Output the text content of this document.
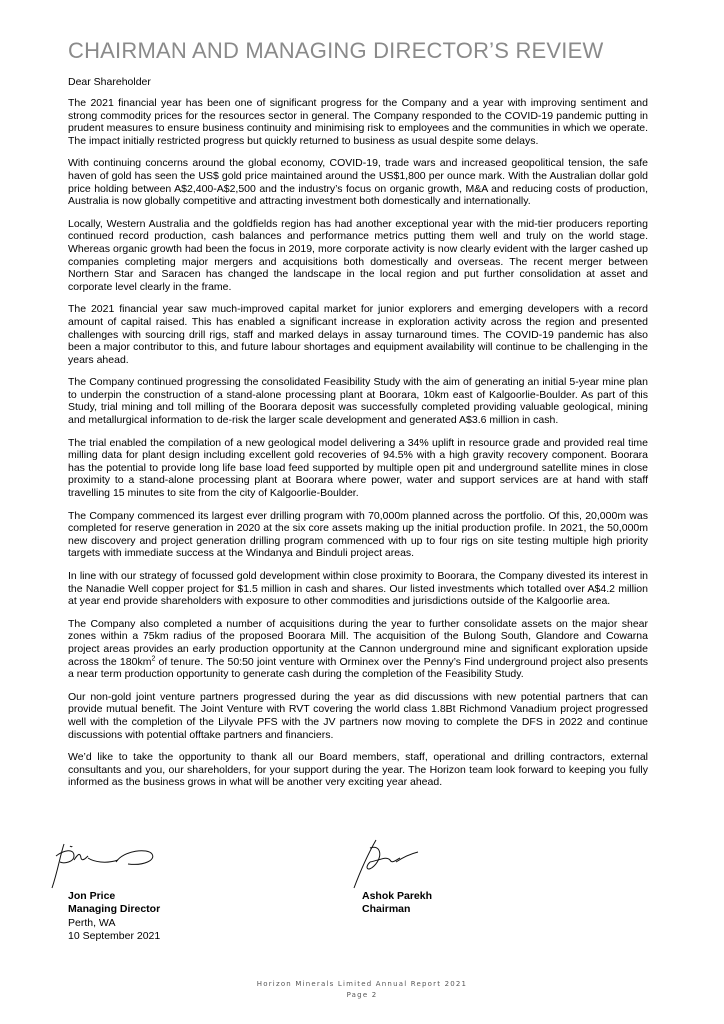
CHAIRMAN AND MANAGING DIRECTOR’S REVIEW

Dear Shareholder

The 2021 financial year has been one of significant progress for the Company and a year with improving sentiment and strong commodity prices for the resources sector in general. The Company responded to the COVID-19 pandemic putting in prudent measures to ensure business continuity and minimising risk to employees and the communities in which we operate. The impact initially restricted progress but quickly returned to business as usual despite some delays.

With continuing concerns around the global economy, COVID-19, trade wars and increased geopolitical tension, the safe haven of gold has seen the US$ gold price maintained around the US$1,800 per ounce mark. With the Australian dollar gold price holding between A$2,400-A$2,500 and the industry’s focus on organic growth, M&A and reducing costs of production, Australia is now globally competitive and attracting investment both domestically and internationally.

Locally, Western Australia and the goldfields region has had another exceptional year with the mid-tier producers reporting continued record production, cash balances and performance metrics putting them well and truly on the world stage. Whereas organic growth had been the focus in 2019, more corporate activity is now clearly evident with the larger cashed up companies completing major mergers and acquisitions both domestically and overseas. The recent merger between Northern Star and Saracen has changed the landscape in the local region and put further consolidation at asset and corporate level clearly in the frame.

The 2021 financial year saw much-improved capital market for junior explorers and emerging developers with a record amount of capital raised. This has enabled a significant increase in exploration activity across the region and presented challenges with sourcing drill rigs, staff and marked delays in assay turnaround times. The COVID-19 pandemic has also been a major contributor to this, and future labour shortages and equipment availability will continue to be challenging in the years ahead.

The Company continued progressing the consolidated Feasibility Study with the aim of generating an initial 5-year mine plan to underpin the construction of a stand-alone processing plant at Boorara, 10km east of Kalgoorlie-Boulder. As part of this Study, trial mining and toll milling of the Boorara deposit was successfully completed providing valuable geological, mining and metallurgical information to de-risk the larger scale development and generated A$3.6 million in cash.

The trial enabled the compilation of a new geological model delivering a 34% uplift in resource grade and provided real time milling data for plant design including excellent gold recoveries of 94.5% with a high gravity recovery component. Boorara has the potential to provide long life base load feed supported by multiple open pit and underground satellite mines in close proximity to a stand-alone processing plant at Boorara where power, water and support services are at hand with staff travelling 15 minutes to site from the city of Kalgoorlie-Boulder.

The Company commenced its largest ever drilling program with 70,000m planned across the portfolio. Of this, 20,000m was completed for reserve generation in 2020 at the six core assets making up the initial production profile. In 2021, the 50,000m new discovery and project generation drilling program commenced with up to four rigs on site testing multiple high priority targets with immediate success at the Windanya and Binduli project areas.

In line with our strategy of focussed gold development within close proximity to Boorara, the Company divested its interest in the Nanadie Well copper project for $1.5 million in cash and shares. Our listed investments which totalled over A$4.2 million at year end provide shareholders with exposure to other commodities and jurisdictions outside of the Kalgoorlie area.

The Company also completed a number of acquisitions during the year to further consolidate assets on the major shear zones within a 75km radius of the proposed Boorara Mill. The acquisition of the Bulong South, Glandore and Cowarna project areas provides an early production opportunity at the Cannon underground mine and significant exploration upside across the $180km^2$ of tenure. The 50:50 joint venture with Orminex over the Penny’s Find underground project also presents a near term production opportunity to generate cash during the completion of the Feasibility Study.

Our non-gold joint venture partners progressed during the year as did discussions with new potential partners that can provide mutual benefit. The Joint Venture with RVT covering the world class 1.8Bt Richmond Vanadium project progressed well with the completion of the Lilyvale PFS with the JV partners now moving to complete the DFS in 2022 and continue discussions with potential offtake partners and financiers.

We’d like to take the opportunity to thank all our Board members, staff, operational and drilling contractors, external consultants and you, our shareholders, for your support during the year. The Horizon team look forward to keeping you fully informed as the business grows in what will be another very exciting year ahead.

Jon Price
Managing Director
Ashok Parekh
Chairman
Perth, WA
10 September 2021
Horizon Minerals Limited Annual Report 2021
Page 2
